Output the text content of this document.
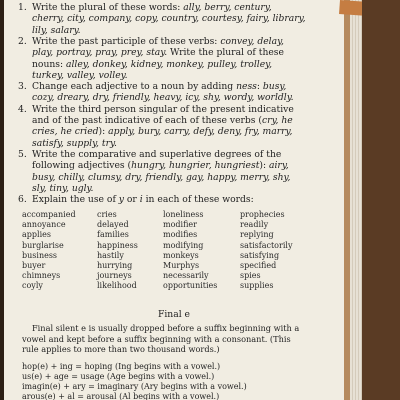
1. Write the plural of these words: ally, berry, century,
cherry, city, company, copy, country, courtesy, fairy, library,
lily, salary.
2. Write the past participle of these verbs: convey, delay,
play, portray, pray, prey, stay. Write the plural of these
nouns: alley, donkey, kidney, monkey, pulley, trolley,
turkey, valley, volley.
3. Change each adjective to a noun by adding ness: busy,
cozy, dreary, dry, friendly, heavy, icy, shy, wordy, worldly.
4. Write the third person singular of the present indicative
and of the past indicative of each of these verbs (cry, he
cries, he cried): apply, bury, carry, defy, deny, fry, marry,
satisfy, supply, try.
5. Write the comparative and superlative degrees of the
following adjectives (hungry, hungrier, hungriest): airy,
busy, chilly, clumsy, dry, friendly, gay, happy, merry, shy,
sly, tiny, ugly.
6. Explain the use of y or i in each of these words:
accompanied
annoyance
applies
burglarise
business
buyer
chimneys
coyly
cries
delayed
families
happiness
hastily
hurrying
journeys
likelihood
loneliness
modifier
modifies
modifying
monkeys
Murphys
necessarily
opportunities
prophecies
readily
replying
satisfactorily
satisfying
specified
spies
supplies
Final e
Final silent e is usually dropped before a suffix beginning with a
vowel and kept before a suffix beginning with a consonant. (This
rule applies to more than two thousand words.)
hop(e) + ing = hoping (Ing begins with a vowel.)
us(e) + age = usage (Age begins with a vowel.)
imagin(e) + ary = imaginary (Ary begins with a vowel.)
arous(e) + al = arousal (Al begins with a vowel.)
